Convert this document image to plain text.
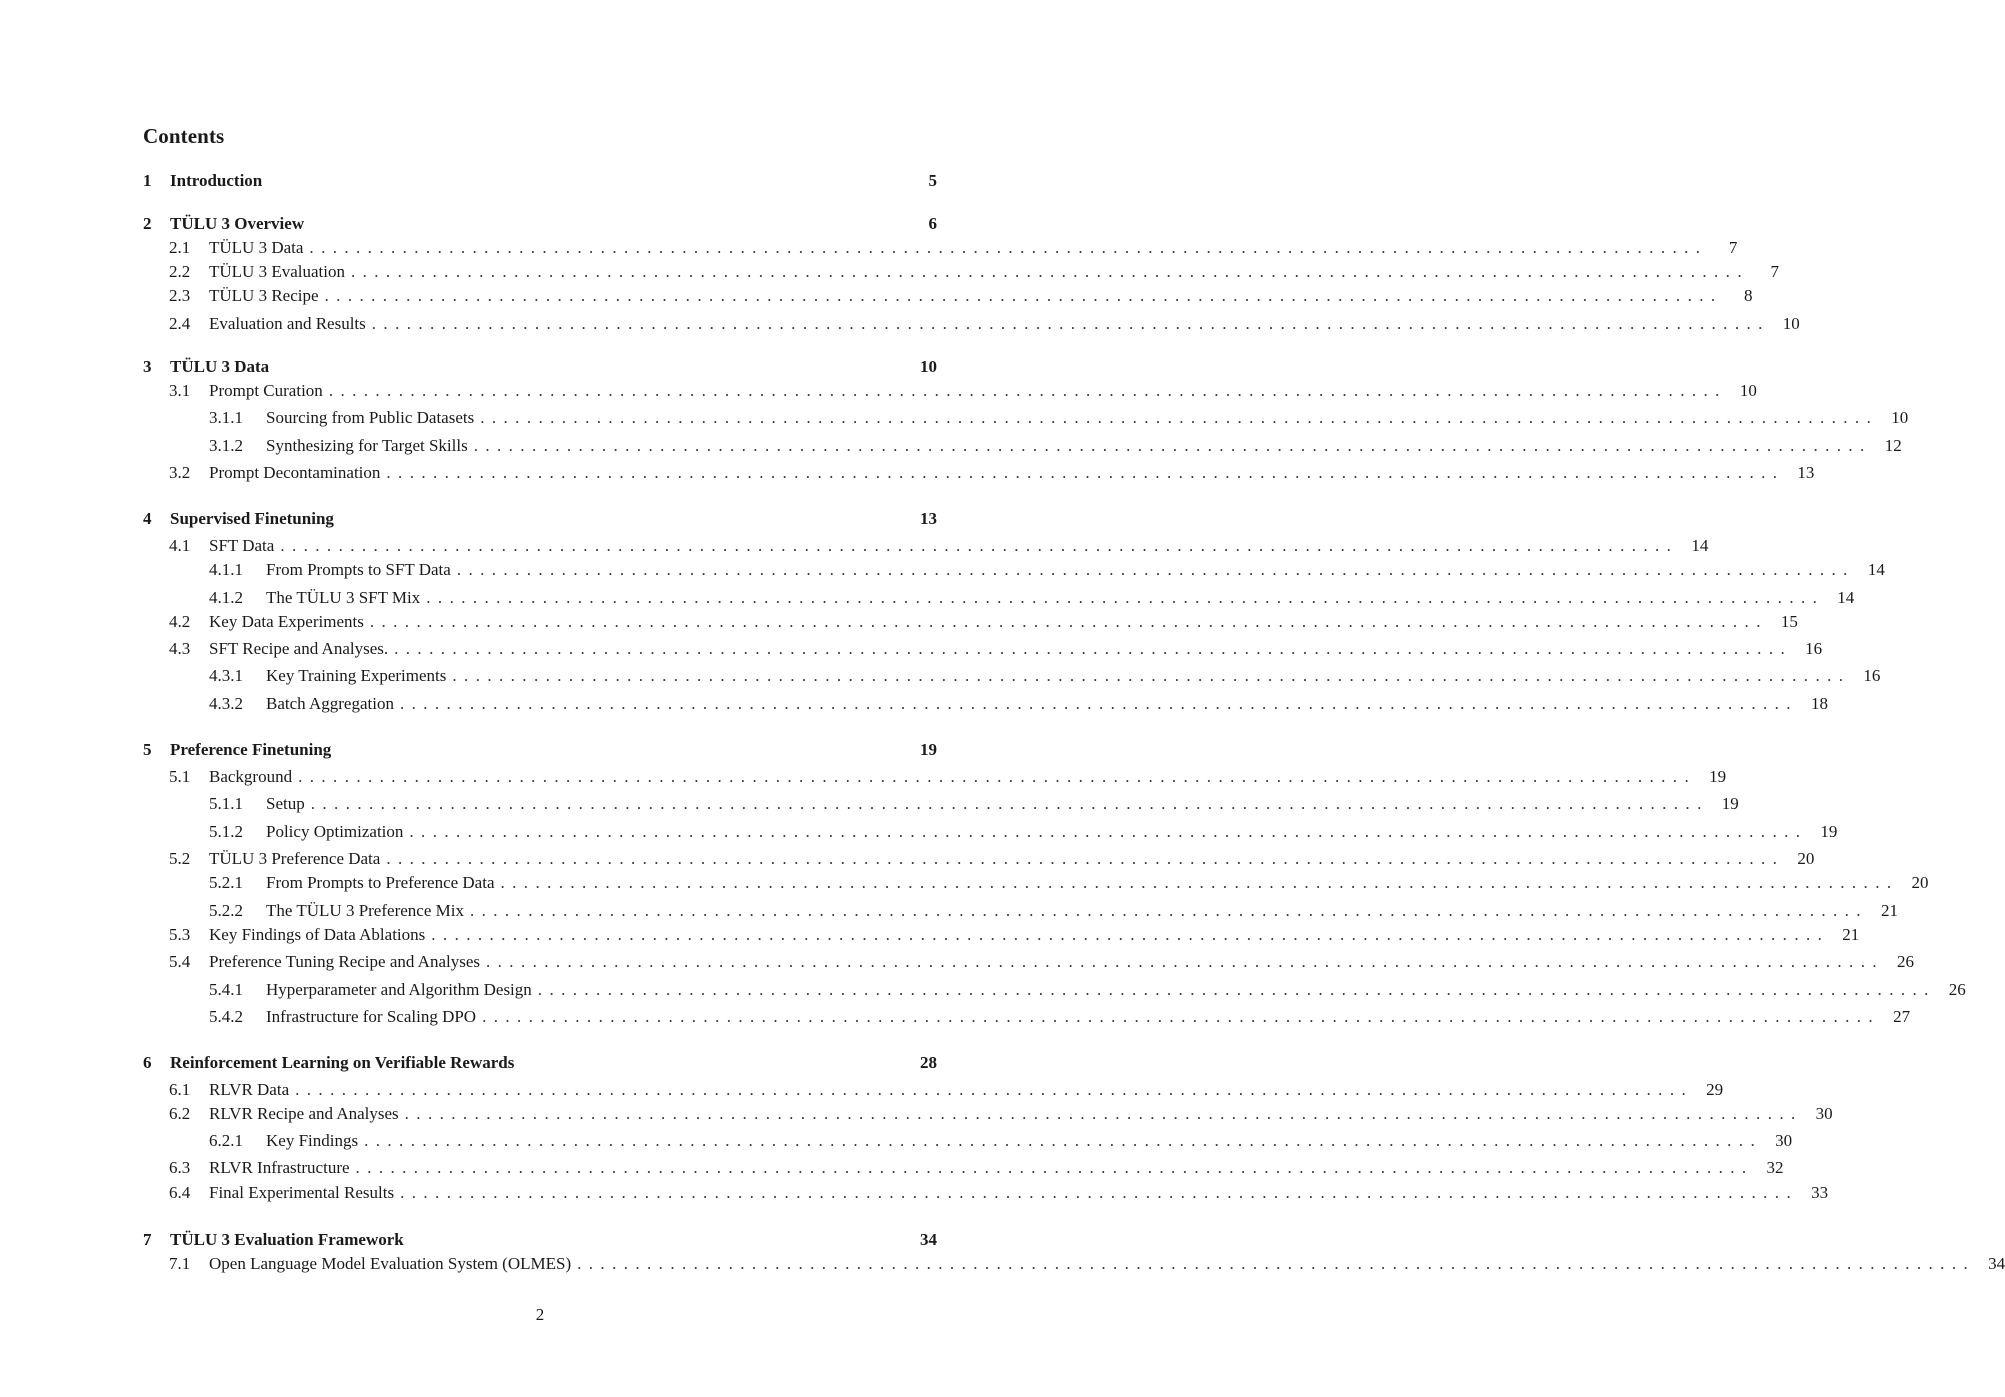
Contents
1	Introduction	5
2	TÜLU 3 Overview	6
2.1	TÜLU 3 Data ........................................................................................................................	7
2.2	TÜLU 3 Evaluation ........................................................................................................................	7
2.3	TÜLU 3 Recipe ........................................................................................................................	8
2.4	Evaluation and Results ........................................................................................................................ 10
3	TÜLU 3 Data	10
3.1	Prompt Curation ........................................................................................................................ 10
3.1.1	Sourcing from Public Datasets ........................................................................................................................ 10
3.1.2	Synthesizing for Target Skills ........................................................................................................................ 12
3.2	Prompt Decontamination ........................................................................................................................ 13
4	Supervised Finetuning	13
4.1	SFT Data ........................................................................................................................ 14
4.1.1	From Prompts to SFT Data ........................................................................................................................ 14
4.1.2	The TÜLU 3 SFT Mix ........................................................................................................................ 14
4.2	Key Data Experiments ........................................................................................................................ 15
4.3	SFT Recipe and Analyses. ........................................................................................................................ 16
4.3.1	Key Training Experiments ........................................................................................................................ 16
4.3.2	Batch Aggregation ........................................................................................................................ 18
5	Preference Finetuning	19
5.1	Background ........................................................................................................................ 19
5.1.1	Setup ........................................................................................................................ 19
5.1.2	Policy Optimization ........................................................................................................................ 19
5.2	TÜLU 3 Preference Data ........................................................................................................................ 20
5.2.1	From Prompts to Preference Data ........................................................................................................................ 20
5.2.2	The TÜLU 3 Preference Mix ........................................................................................................................ 21
5.3	Key Findings of Data Ablations ........................................................................................................................ 21
5.4	Preference Tuning Recipe and Analyses ........................................................................................................................ 26
5.4.1	Hyperparameter and Algorithm Design ........................................................................................................................ 26
5.4.2	Infrastructure for Scaling DPO ........................................................................................................................ 27
6	Reinforcement Learning on Verifiable Rewards	28
6.1	RLVR Data ........................................................................................................................ 29
6.2	RLVR Recipe and Analyses ........................................................................................................................ 30
6.2.1	Key Findings ........................................................................................................................ 30
6.3	RLVR Infrastructure ........................................................................................................................ 32
6.4	Final Experimental Results ........................................................................................................................ 33
7	TÜLU 3 Evaluation Framework	34
7.1	Open Language Model Evaluation System (OLMES) ........................................................................................................................ 34
2
